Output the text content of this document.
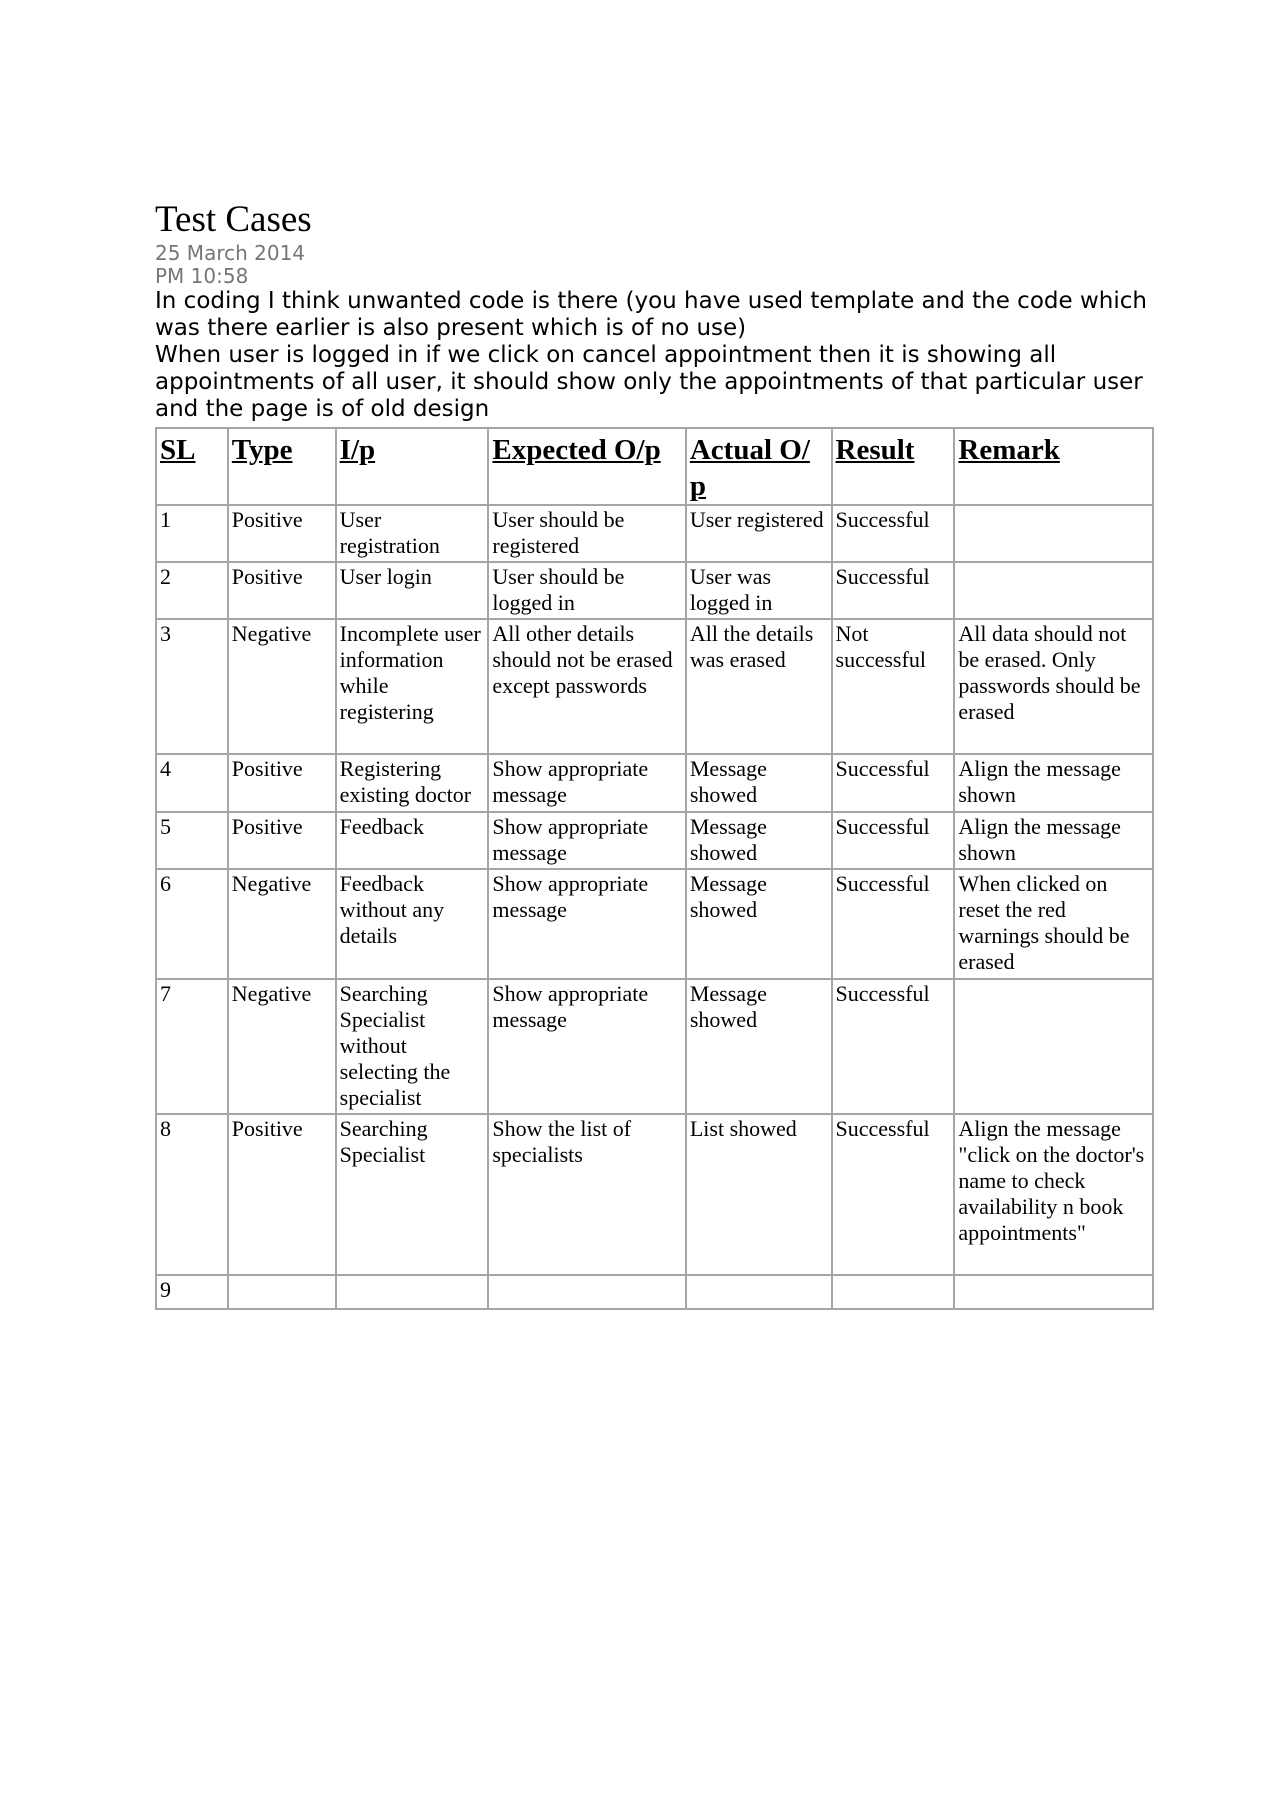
Test Cases
25 March 2014
PM 10:58

In coding I think unwanted code is there (you have used template and the code which was there earlier is also present which is of no use)

When user is logged in if we click on cancel appointment then it is showing all appointments of all user, it should show only the appointments of that particular user and the page is of old design

SL	Type	I/p	Expected O/p	Actual O/ p	Result	Remark
1	Positive	User registration	User should be registered	User registered	Successful	
2	Positive	User login	User should be logged in	User was logged in	Successful	
3	Negative	Incomplete user information while registering	All other details should not be erased except passwords	All the details was erased	Not successful	All data should not be erased. Only passwords should be erased
4	Positive	Registering existing doctor	Show appropriate message	Message showed	Successful	Align the message shown
5	Positive	Feedback	Show appropriate message	Message showed	Successful	Align the message shown
6	Negative	Feedback without any details	Show appropriate message	Message showed	Successful	When clicked on reset the red warnings should be erased
7	Negative	Searching Specialist without selecting the specialist	Show appropriate message	Message showed	Successful	
8	Positive	Searching Specialist	Show the list of specialists	List showed	Successful	Align the message "click on the doctor's name to check availability n book appointments"
9						
